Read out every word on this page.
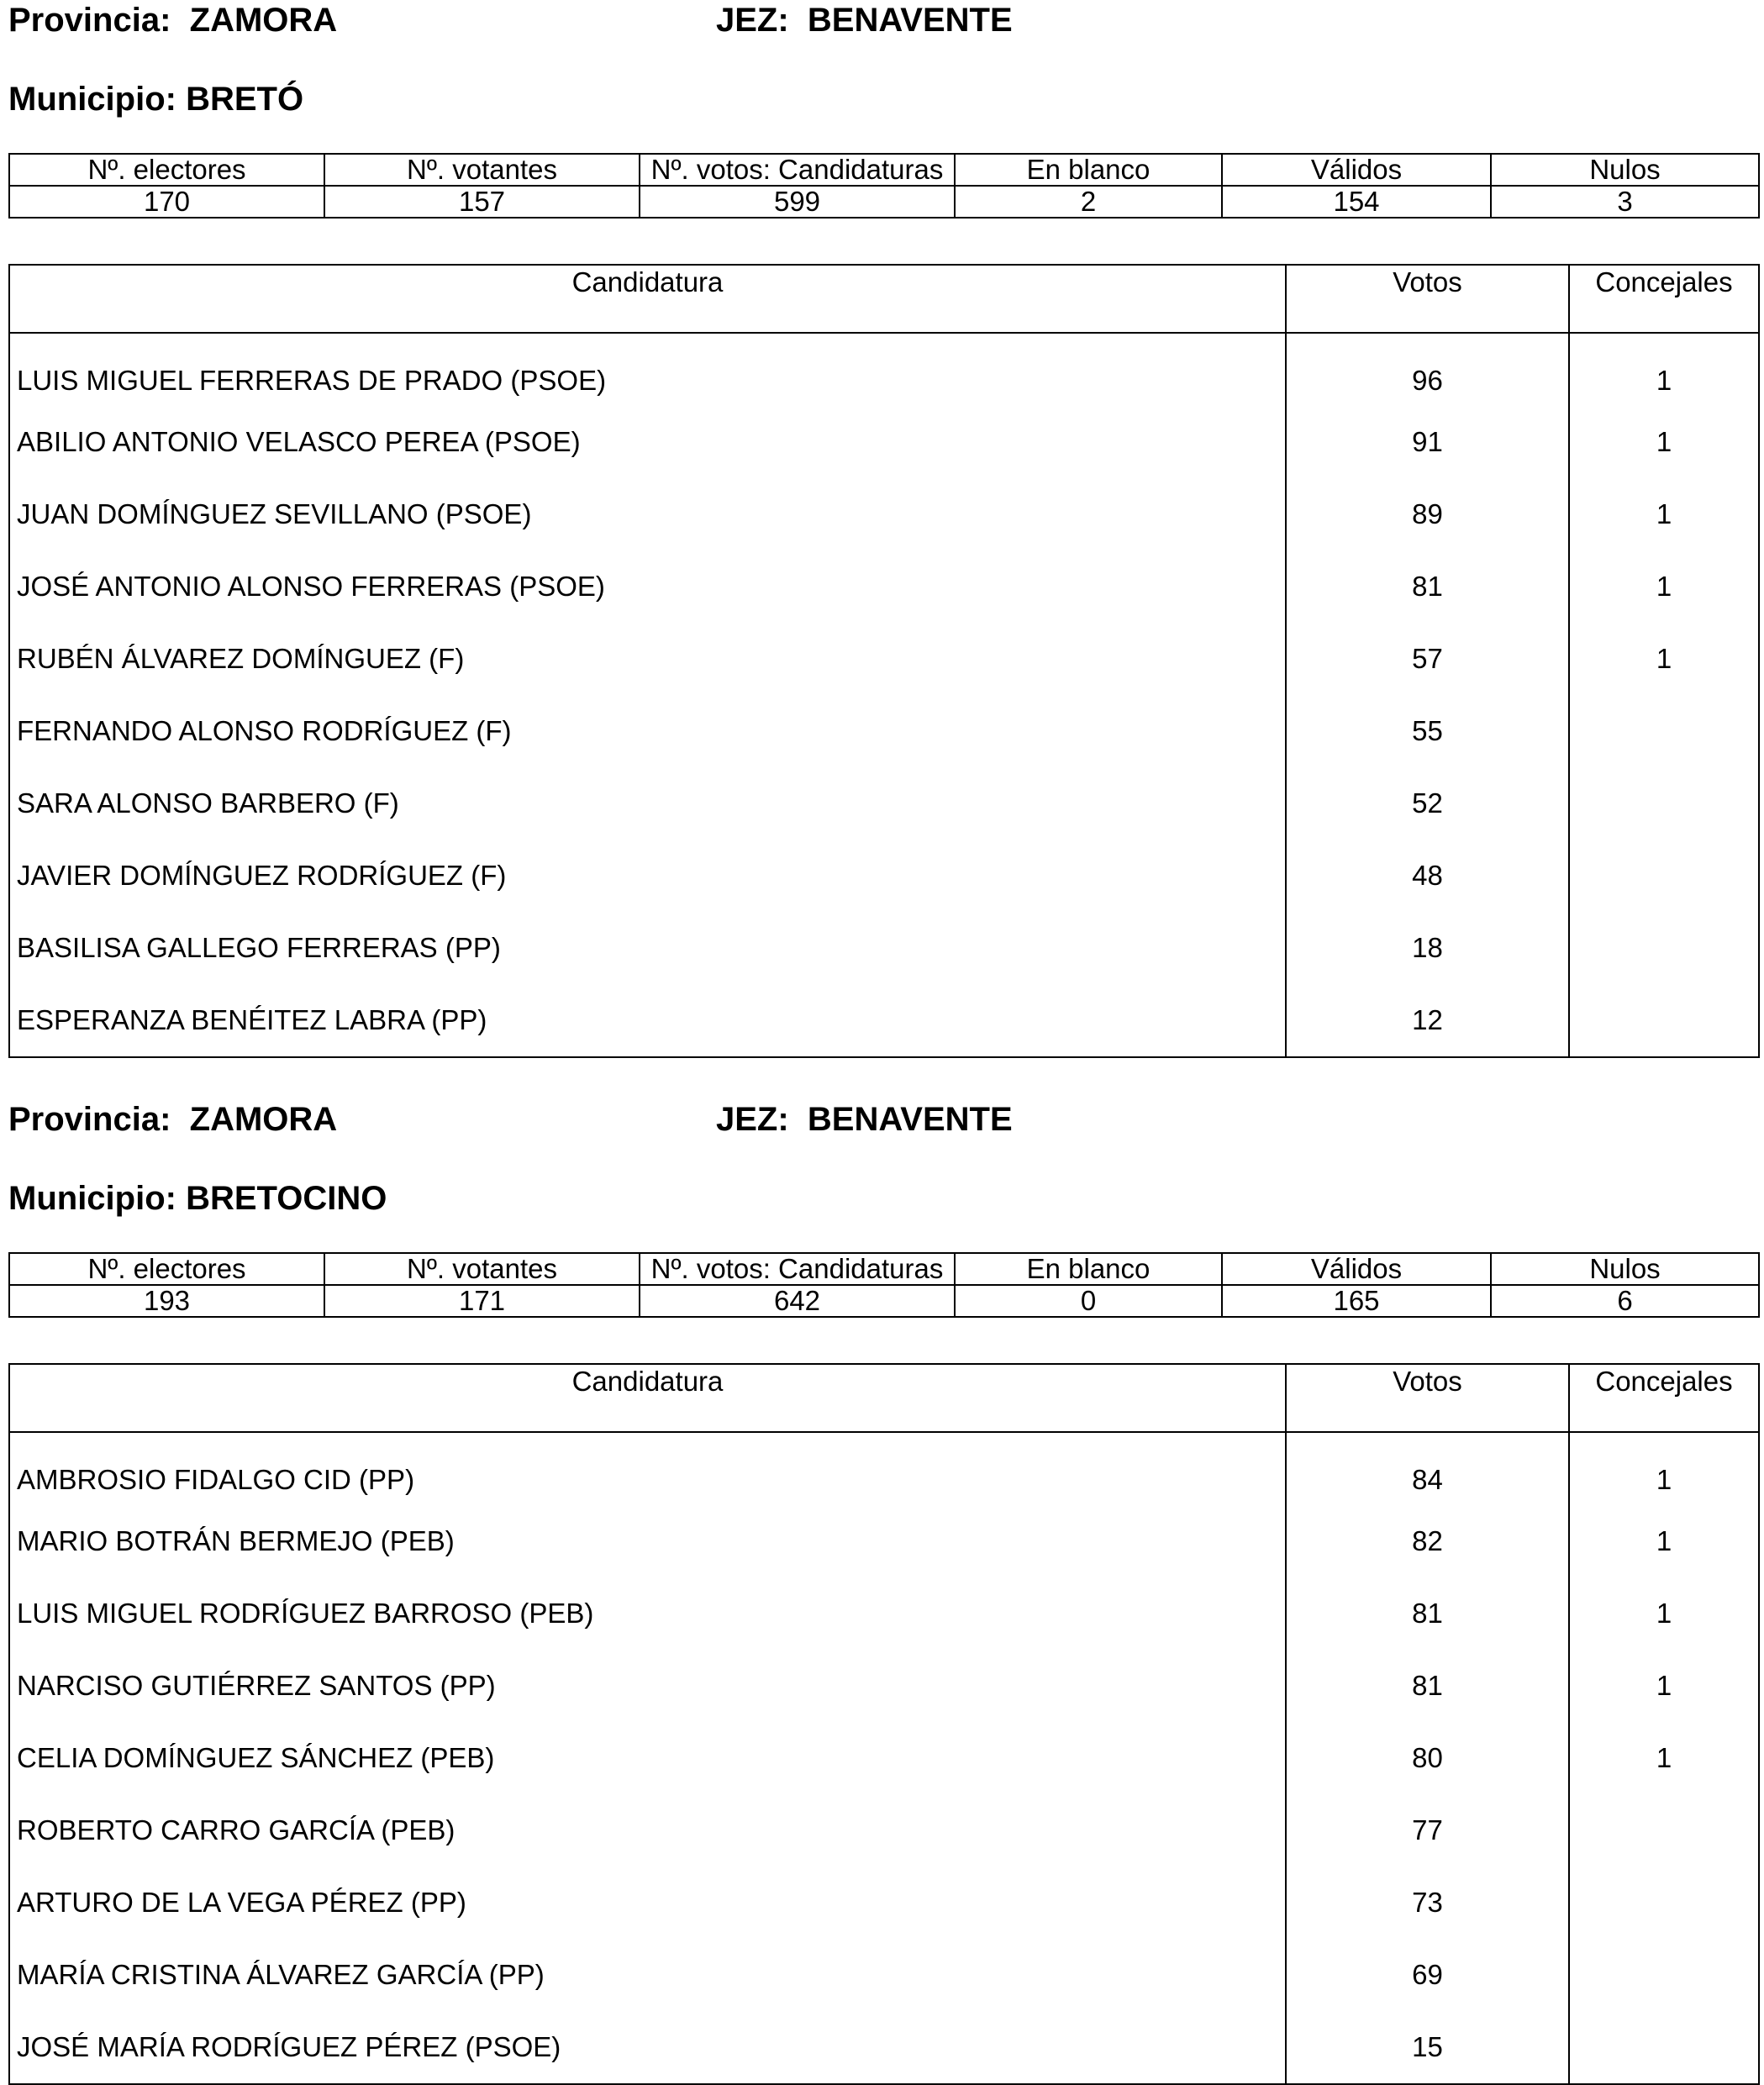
Provincia: ZAMORA	JEZ: BENAVENTE
Municipio: BRETÓ
Nº. electores	Nº. votantes	Nº. votos: Candidaturas	En blanco	Válidos	Nulos
170	157	599	2	154	3
Candidatura	Votos	Concejales
LUIS MIGUEL FERRERAS DE PRADO (PSOE)	96	1
ABILIO ANTONIO VELASCO PEREA (PSOE)	91	1
JUAN DOMÍNGUEZ SEVILLANO (PSOE)	89	1
JOSÉ ANTONIO ALONSO FERRERAS (PSOE)	81	1
RUBÉN ÁLVAREZ DOMÍNGUEZ (F)	57	1
FERNANDO ALONSO RODRÍGUEZ (F)	55	
SARA ALONSO BARBERO (F)	52	
JAVIER DOMÍNGUEZ RODRÍGUEZ (F)	48	
BASILISA GALLEGO FERRERAS (PP)	18	
ESPERANZA BENÉITEZ LABRA (PP)	12	
Provincia: ZAMORA	JEZ: BENAVENTE
Municipio: BRETOCINO
Nº. electores	Nº. votantes	Nº. votos: Candidaturas	En blanco	Válidos	Nulos
193	171	642	0	165	6
Candidatura	Votos	Concejales
AMBROSIO FIDALGO CID (PP)	84	1
MARIO BOTRÁN BERMEJO (PEB)	82	1
LUIS MIGUEL RODRÍGUEZ BARROSO (PEB)	81	1
NARCISO GUTIÉRREZ SANTOS (PP)	81	1
CELIA DOMÍNGUEZ SÁNCHEZ (PEB)	80	1
ROBERTO CARRO GARCÍA (PEB)	77	
ARTURO DE LA VEGA PÉREZ (PP)	73	
MARÍA CRISTINA ÁLVAREZ GARCÍA (PP)	69	
JOSÉ MARÍA RODRÍGUEZ PÉREZ (PSOE)	15	
